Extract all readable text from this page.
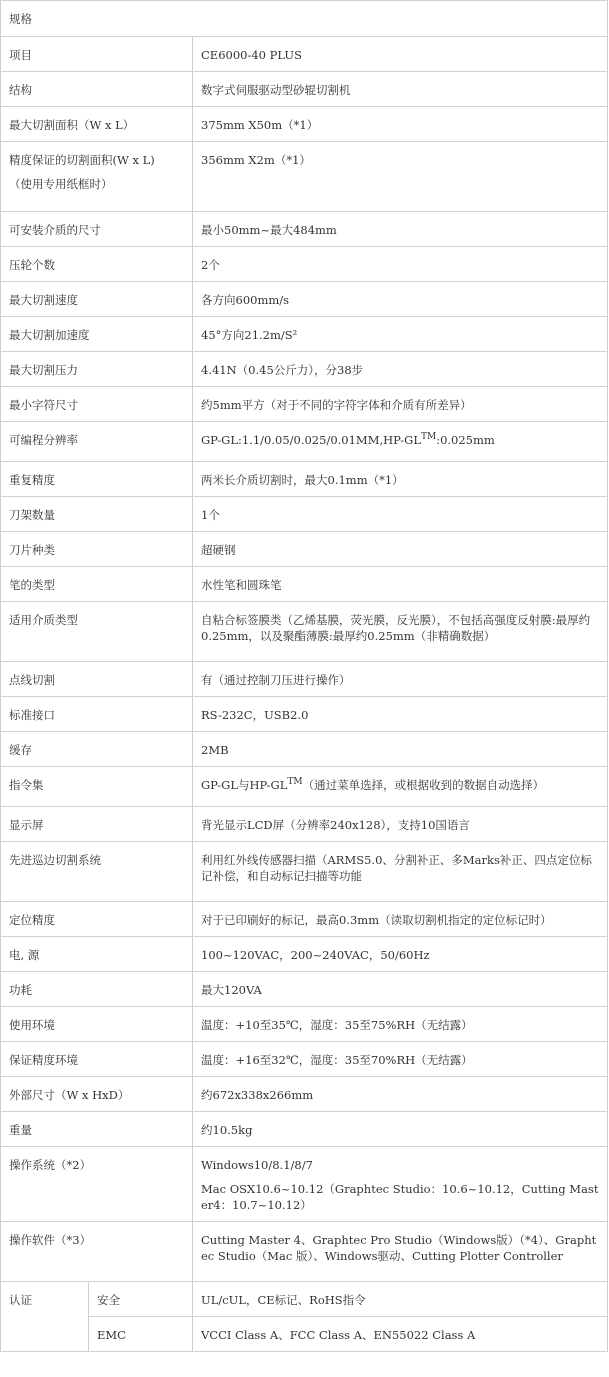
规格		
项目		CE6000-40 PLUS

结构		数字式伺服驱动型砂辊切割机

最大切割面积（W x L）		375mm X50m（*1）

精度保证的切割面积(W x L)
（使用专用纸框时）		356mm X2m（*1）

可安装介质的尺寸		最小50mm~最大484mm

压轮个数		2个

最大切割速度		各方向600mm/s

最大切割加速度		45°方向21.2m/S²

最大切割压力		4.41N（0.45公斤力），分38步

最小字符尺寸		约5mm平方（对于不同的字符字体和介质有所差异）

可编程分辨率		GP-GL:1.1/0.05/0.025/0.01MM,HP-GL™:0.025mm
重复精度		两米长介质切割时，最大0.1mm（*1）

刀架数量		1个

刀片种类		超硬钢

笔的类型		水性笔和圆珠笔

适用介质类型		自粘合标签膜类（乙烯基膜，荧光膜，反光膜），不包括高强度反射膜:最厚约0.25mm，以及聚酯薄膜:最厚约0.25mm（非精确数据）

点线切割		有（通过控制刀压进行操作）

标准接口		RS-232C，USB2.0

缓存		2MB

指令集		GP-GL与HP-GL™（通过菜单选择，或根据收到的数据自动选择）
显示屏		背光显示LCD屏（分辨率240x128），支持10国语言

先进巡边切割系统		利用红外线传感器扫描（ARMS5.0、分割补正、多Marks补正、四点定位标记补偿，和自动标记扫描等功能

定位精度		对于已印刷好的标记，最高0.3mm（读取切割机指定的定位标记时）

电, 源		100~120VAC，200~240VAC，50/60Hz

功耗		最大120VA

使用环境		温度：+10至35℃，湿度：35至75%RH（无结露）

保证精度环境		温度：+16至32℃，湿度：35至70%RH（无结露）

外部尺寸（W x HxD）		约672x338x266mm

重量		约10.5kg

操作系统（*2）		Windows10/8.1/8/7
Mac OSX10.6~10.12（Graphtec Studio：10.6~10.12，Cutting Master4：10.7~10.12）

操作软件（*3）		Cutting Master 4、Graphtec Pro Studio（Windows版）（*4）、Graphtec Studio（Mac 版）、Windows驱动、Cutting Plotter Controller

认证	安全	UL/cUL，CE标记、RoHS指令
	EMC	VCCI Class A、FCC Class A、EN55022 Class A
